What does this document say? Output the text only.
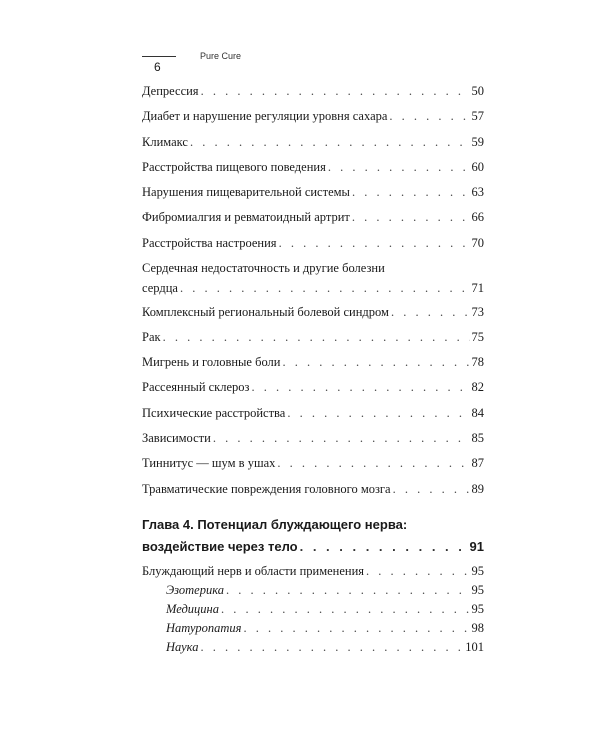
6
Pure Cure
Депрессия . . .	50
Диабет и нарушение регуляции уровня сахара . . .	57
Климакс . . .	59
Расстройства пищевого поведения . . .	60
Нарушения пищеварительной системы . . .	63
Фибромиалгия и ревматоидный артрит . . .	66
Расстройства настроения . . .	70
Сердечная недостаточность и другие болезни
сердца . . .	71
Комплексный региональный болевой синдром . . .	73
Рак . . .	75
Мигрень и головные боли . . .	78
Рассеянный склероз . . .	82
Психические расстройства . . .	84
Зависимости . . .	85
Тиннитус — шум в ушах . . .	87
Травматические повреждения головного мозга . . .	89
Глава 4. Потенциал блуждающего нерва:
воздействие через тело . . .	91
Блуждающий нерв и области применения . . .	95
Эзотерика . . .	95
Медицина . . .	95
Натуропатия . . .	98
Наука . . .	101
